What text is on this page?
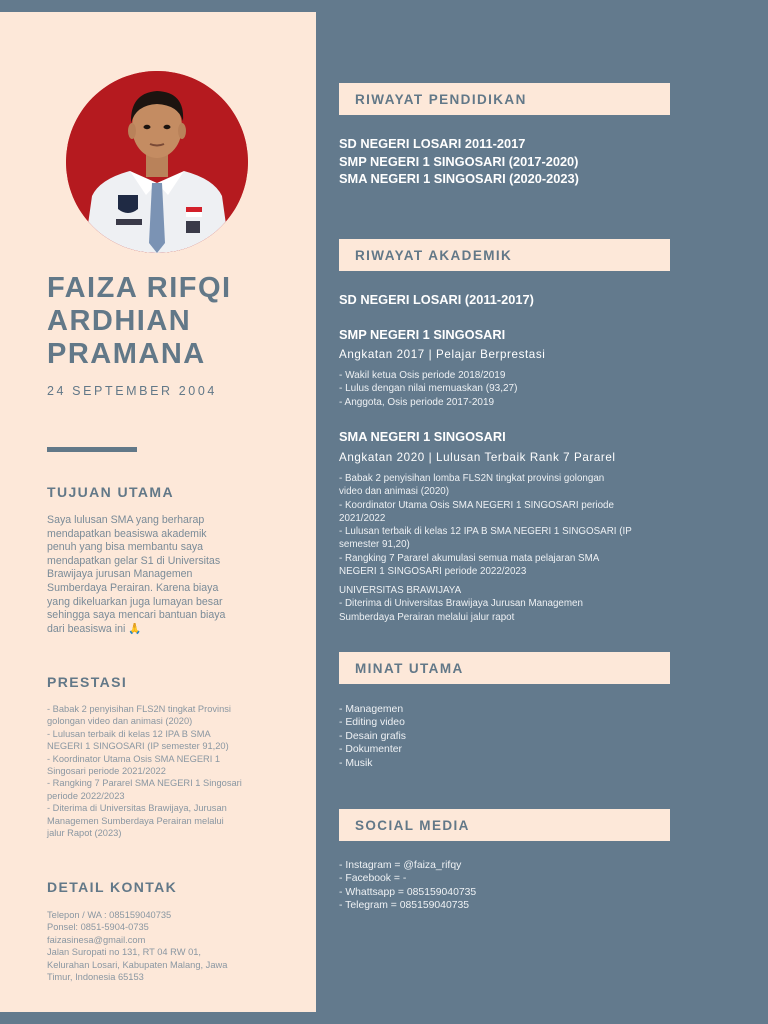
FAIZA RIFQI
ARDHIAN
PRAMANA
24 SEPTEMBER 2004
TUJUAN UTAMA
Saya lulusan SMA yang berharap
mendapatkan beasiswa akademik
penuh yang bisa membantu saya
mendapatkan gelar S1 di Universitas
Brawijaya jurusan Managemen
Sumberdaya Perairan. Karena biaya
yang dikeluarkan juga lumayan besar
sehingga saya mencari bantuan biaya
dari beasiswa ini 🙏
PRESTASI
- Babak 2 penyisihan FLS2N tingkat Provinsi
golongan video dan animasi (2020)
- Lulusan terbaik di kelas 12 IPA B SMA
NEGERI 1 SINGOSARI (IP semester 91,20)
- Koordinator Utama Osis SMA NEGERI 1
Singosari periode 2021/2022
- Rangking 7 Pararel SMA NEGERI 1 Singosari
periode 2022/2023
- Diterima di Universitas Brawijaya, Jurusan
Managemen Sumberdaya Perairan melalui
jalur Rapot (2023)
DETAIL KONTAK
Telepon / WA : 085159040735
Ponsel: 0851-5904-0735
faizasinesa@gmail.com
Jalan Suropati no 131, RT 04 RW 01,
Kelurahan Losari, Kabupaten Malang, Jawa
Timur, Indonesia 65153
RIWAYAT PENDIDIKAN
SD NEGERI LOSARI 2011-2017
SMP NEGERI 1 SINGOSARI (2017-2020)
SMA NEGERI 1 SINGOSARI (2020-2023)
RIWAYAT AKADEMIK
SD NEGERI LOSARI (2011-2017)
SMP NEGERI 1 SINGOSARI
Angkatan 2017 | Pelajar Berprestasi
- Wakil ketua Osis periode 2018/2019
- Lulus dengan nilai memuaskan (93,27)
- Anggota, Osis periode 2017-2019
SMA NEGERI 1 SINGOSARI
Angkatan 2020 | Lulusan Terbaik Rank 7 Pararel
- Babak 2 penyisihan lomba FLS2N tingkat provinsi golongan
video dan animasi (2020)
- Koordinator Utama Osis SMA NEGERI 1 SINGOSARI periode
2021/2022
- Lulusan terbaik di kelas 12 IPA B SMA NEGERI 1 SINGOSARI (IP
semester 91,20)
- Rangking 7 Pararel akumulasi semua mata pelajaran SMA
NEGERI 1 SINGOSARI periode 2022/2023
UNIVERSITAS BRAWIJAYA
- Diterima di Universitas Brawijaya Jurusan Managemen
Sumberdaya Perairan melalui jalur rapot
MINAT UTAMA
- Managemen
- Editing video
- Desain grafis
- Dokumenter
- Musik
SOCIAL MEDIA
- Instagram = @faiza_rifqy
- Facebook = -
- Whattsapp = 085159040735
- Telegram = 085159040735
